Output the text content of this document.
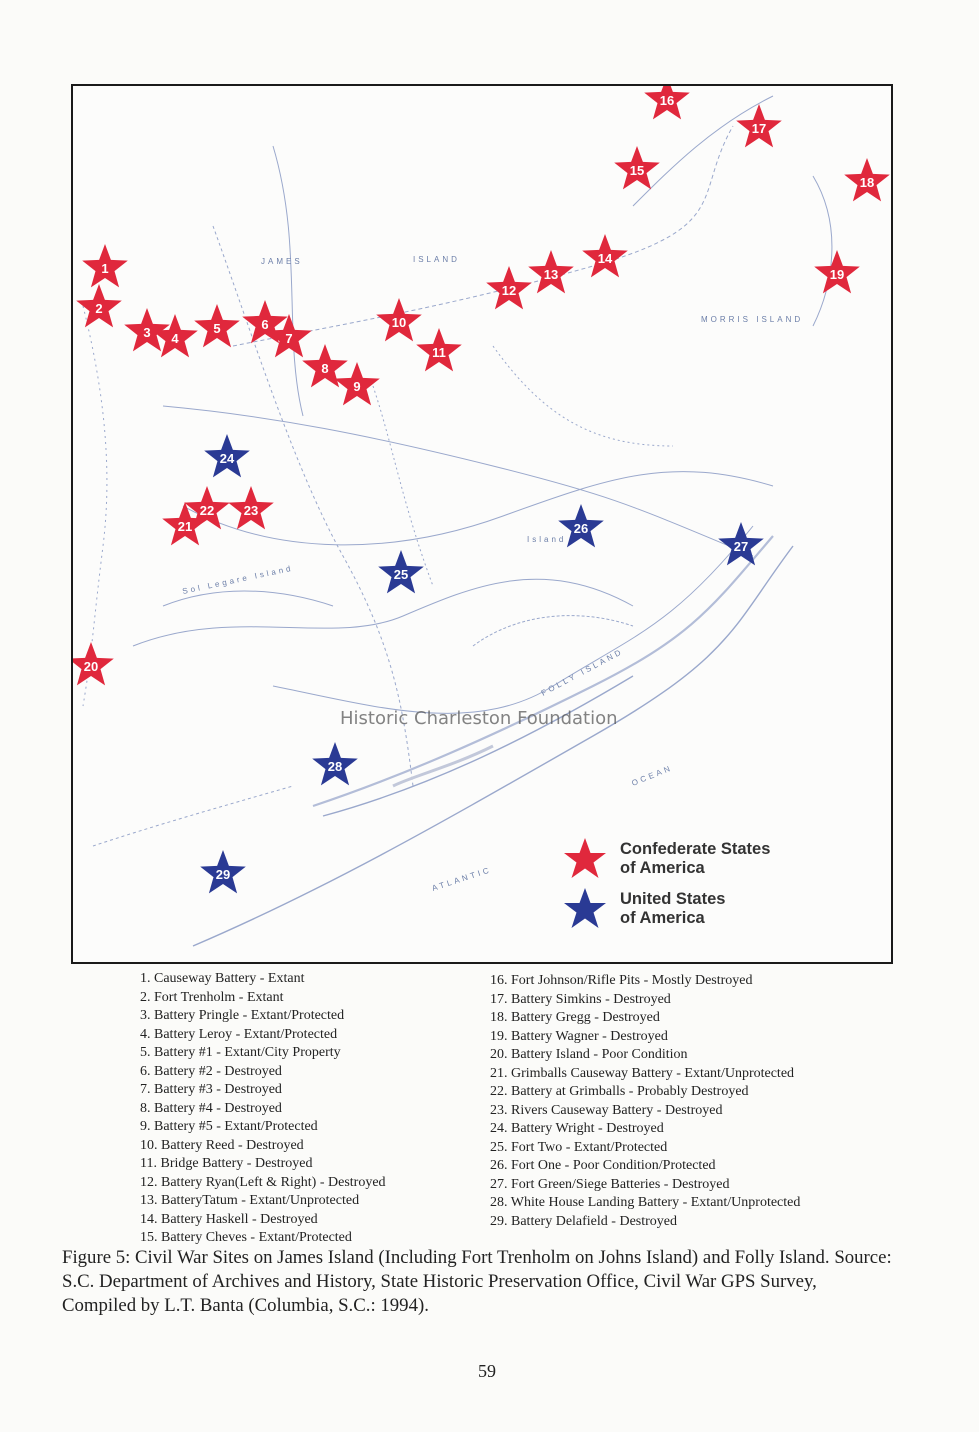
JAMES	ISLAND
MORRIS ISLAND
OCEAN
ATLANTIC
FOLLY ISLAND
Island
Sol Legare Island
1
2
3 4
5	6
7
8
9
10
11
12
13
14
15
16
17
18
19
20
21
22 23
24
25
26
27
28
29

Historic Charleston Foundation

Confederate States
of America
United States
of America
1. Causeway Battery - Extant
2. Fort Trenholm - Extant
3. Battery Pringle - Extant/Protected
4. Battery Leroy - Extant/Protected
5. Battery #1 - Extant/City Property
6. Battery #2 - Destroyed
7. Battery #3 - Destroyed
8. Battery #4 - Destroyed
9. Battery #5 - Extant/Protected
10. Battery Reed - Destroyed
11. Bridge Battery - Destroyed
12. Battery Ryan(Left & Right) - Destroyed
13. BatteryTatum - Extant/Unprotected
14. Battery Haskell - Destroyed
15. Battery Cheves - Extant/Protected
16. Fort Johnson/Rifle Pits - Mostly Destroyed
17. Battery Simkins - Destroyed
18. Battery Gregg - Destroyed
19. Battery Wagner - Destroyed
20. Battery Island - Poor Condition
21. Grimballs Causeway Battery - Extant/Unprotected
22. Battery at Grimballs - Probably Destroyed
23. Rivers Causeway Battery - Destroyed
24. Battery Wright - Destroyed
25. Fort Two - Extant/Protected
26. Fort One - Poor Condition/Protected
27. Fort Green/Siege Batteries - Destroyed
28. White House Landing Battery - Extant/Unprotected
29. Battery Delafield - Destroyed

Figure 5: Civil War Sites on James Island (Including Fort Trenholm on Johns Island) and Folly Island. Source: S.C. Department of Archives and History, State Historic Preservation Office, Civil War GPS Survey, Compiled by L.T. Banta (Columbia, S.C.: 1994).

59
